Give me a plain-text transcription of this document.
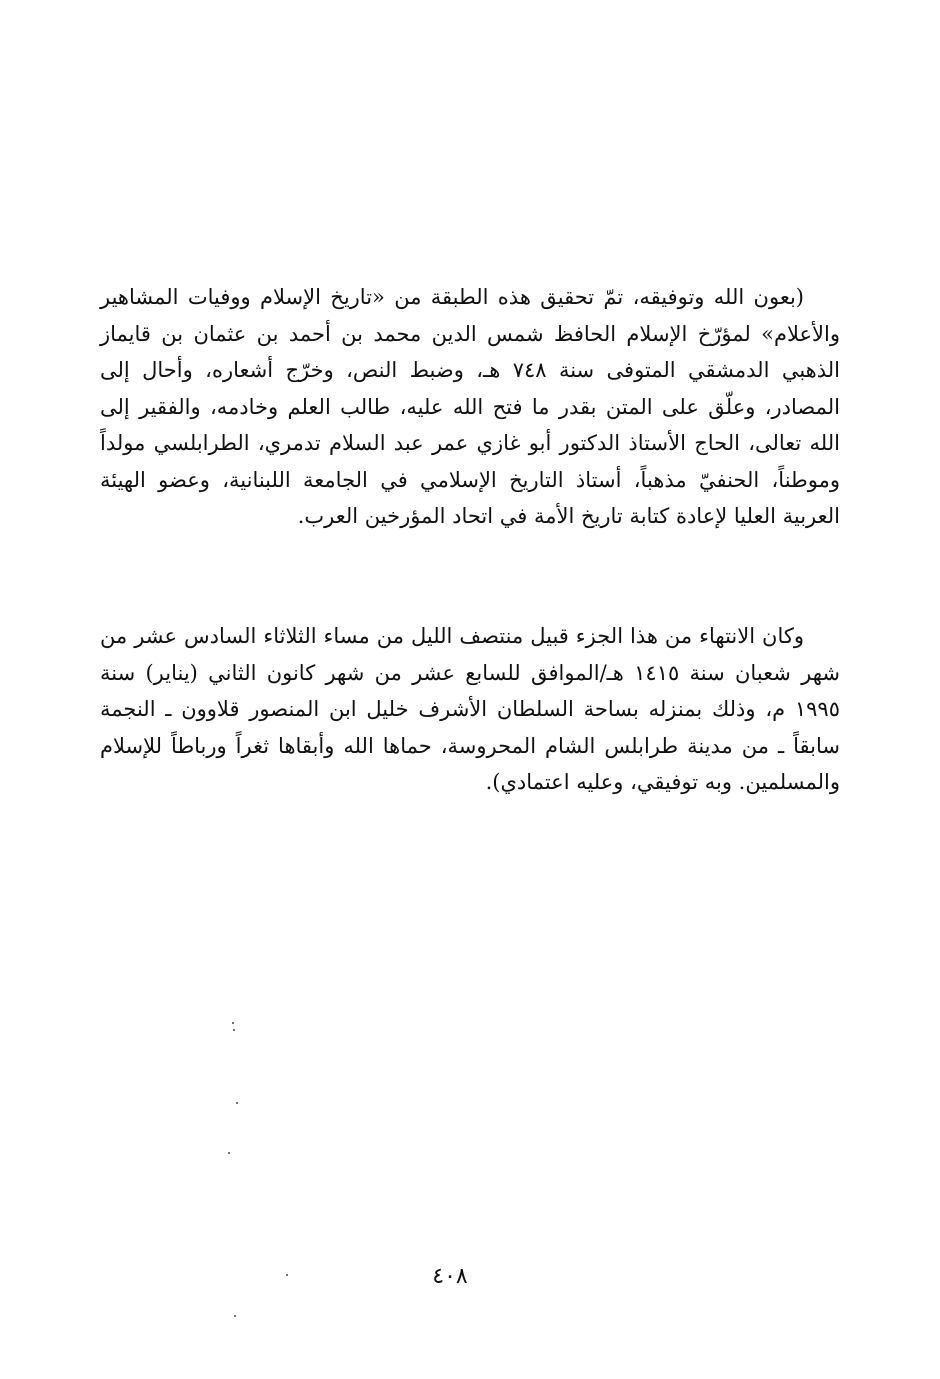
(بعون الله وتوفيقه، تمّ تحقيق هذه الطبقة من «تاريخ الإسلام ووفيات المشاهير والأعلام» لمؤرّخ الإسلام الحافظ شمس الدين محمد بن أحمد بن عثمان بن قايماز الذهبي الدمشقي المتوفى سنة ٧٤٨ هـ، وضبط النص، وخرّج أشعاره، وأحال إلى المصادر، وعلّق على المتن بقدر ما فتح الله عليه، طالب العلم وخادمه، والفقير إلى الله تعالى، الحاج الأستاذ الدكتور أبو غازي عمر عبد السلام تدمري، الطرابلسي مولداً وموطناً، الحنفيّ مذهباً، أستاذ التاريخ الإسلامي في الجامعة اللبنانية، وعضو الهيئة العربية العليا لإعادة كتابة تاريخ الأمة في اتحاد المؤرخين العرب.

وكان الانتهاء من هذا الجزء قبيل منتصف الليل من مساء الثلاثاء السادس عشر من شهر شعبان سنة ١٤١٥ هـ/الموافق للسابع عشر من شهر كانون الثاني (يناير) سنة ١٩٩٥ م، وذلك بمنزله بساحة السلطان الأشرف خليل ابن المنصور قلاوون ـ النجمة سابقاً ـ من مدينة طرابلس الشام المحروسة، حماها الله وأبقاها ثغراً ورباطاً للإسلام والمسلمين. وبه توفيقي، وعليه اعتمادي).

٤٠٨
